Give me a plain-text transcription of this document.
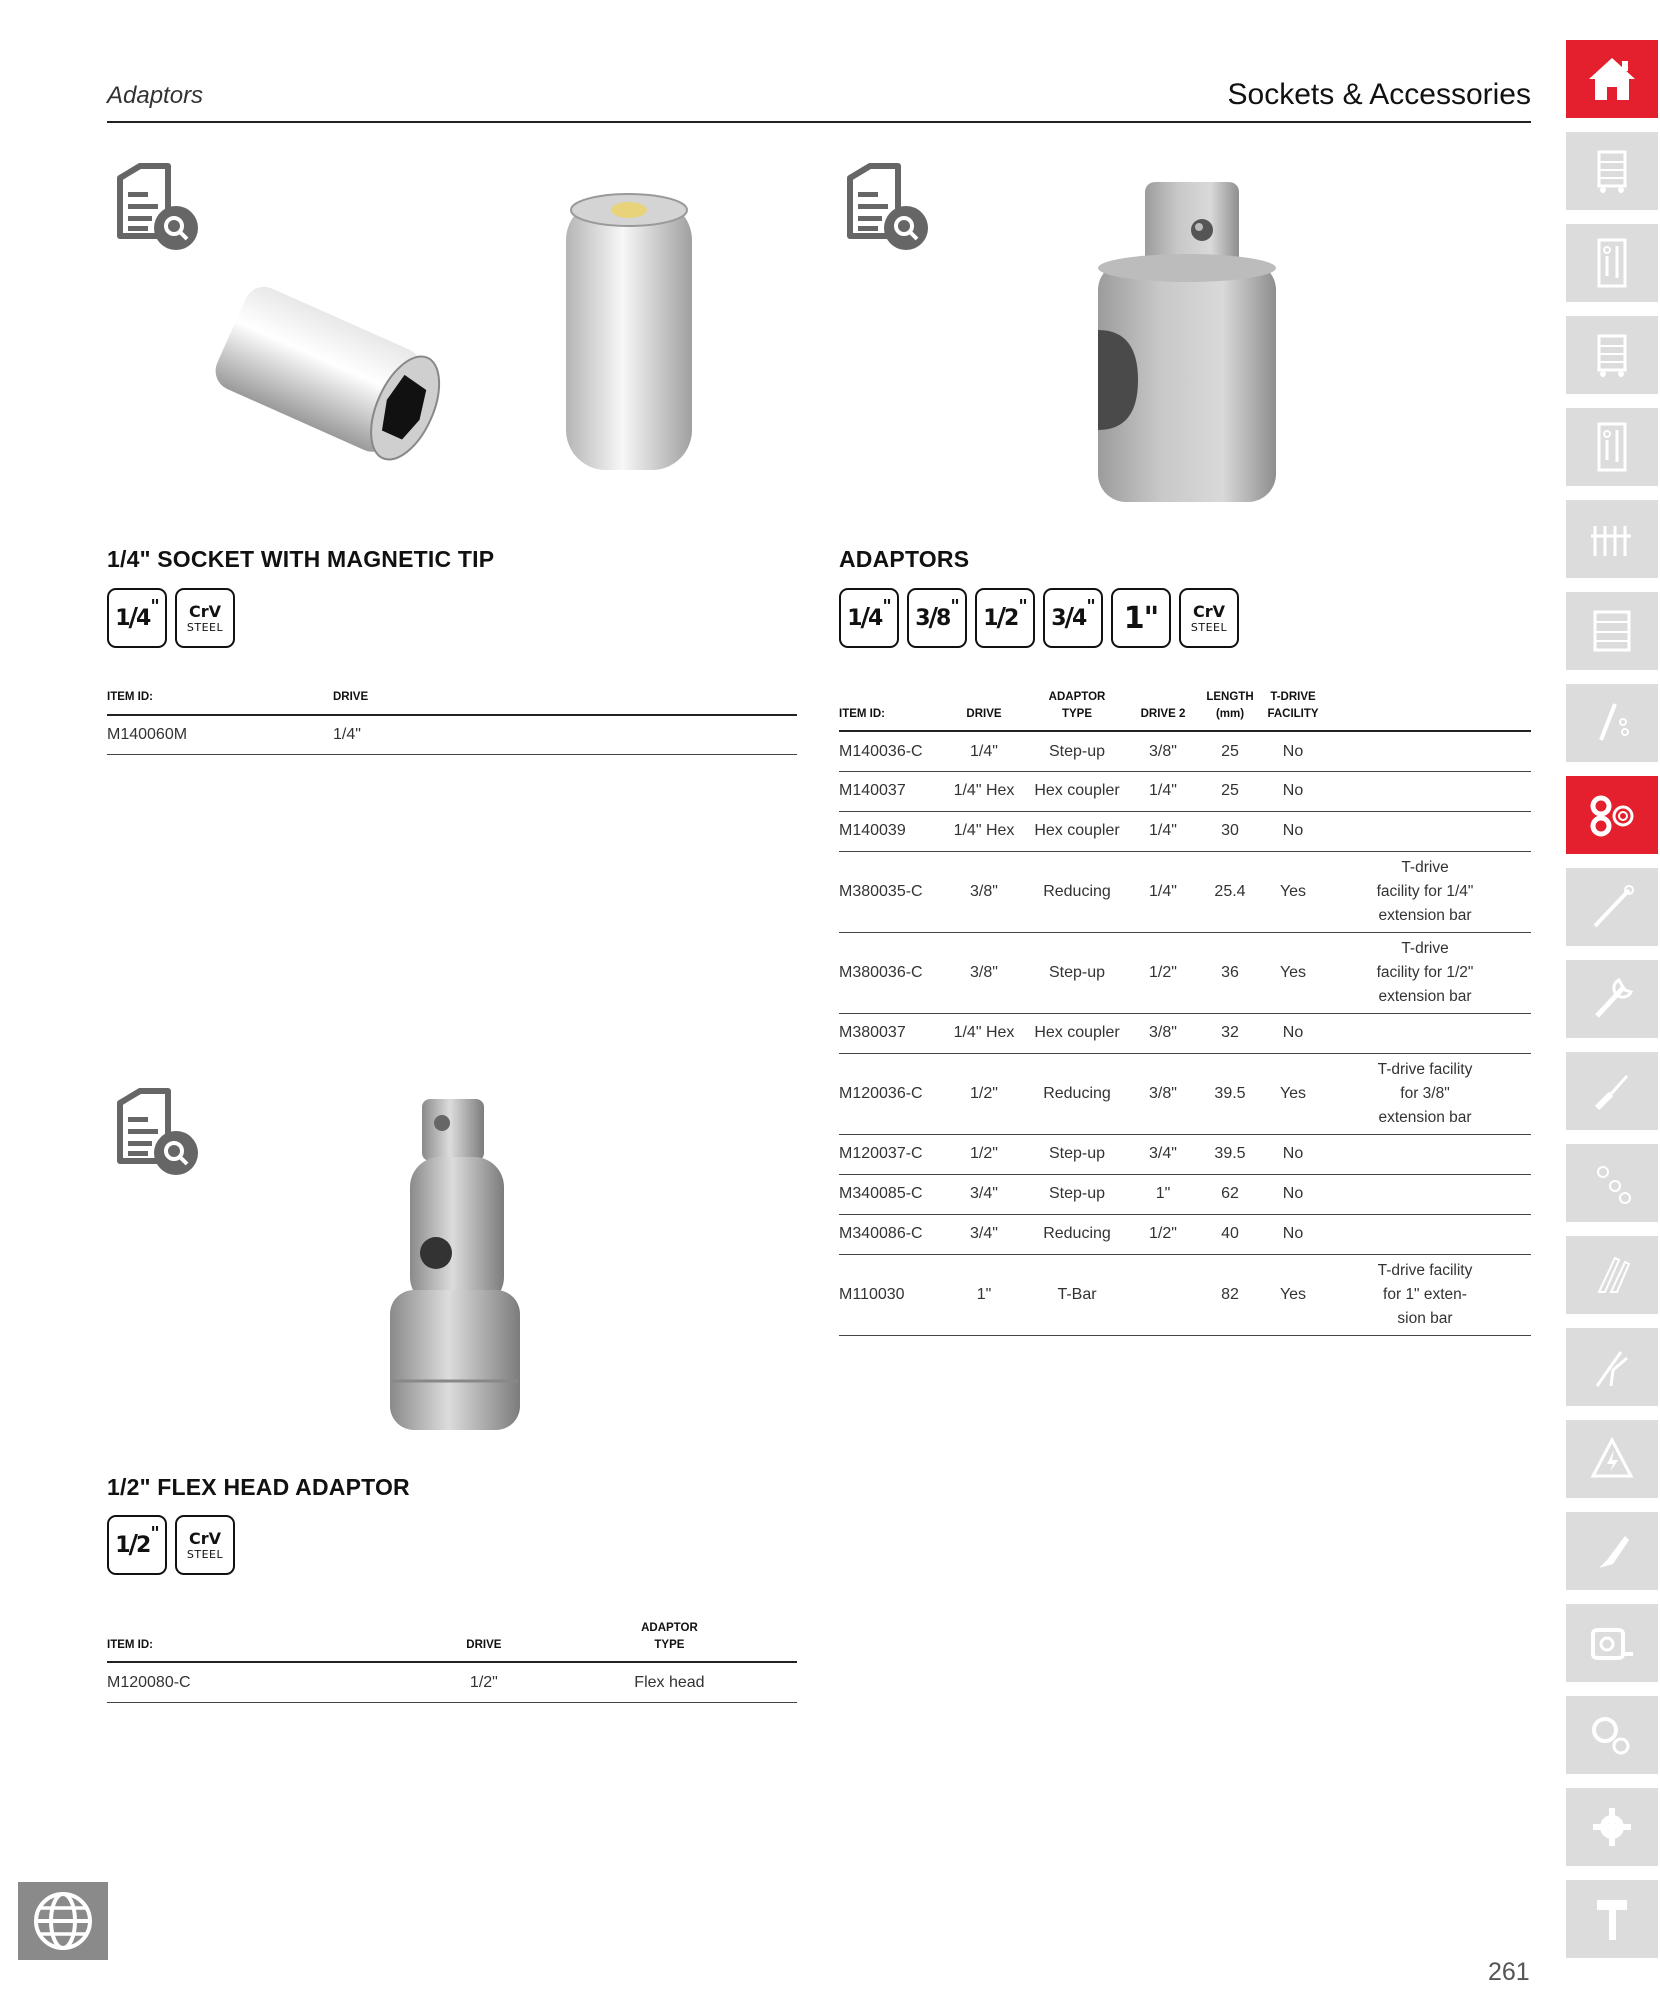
Adaptors	Sockets & Accessories
1/4" SOCKET WITH MAGNETIC TIP
1 / 4 " CrV
STEEL
ITEM ID:	DRIVE
M140060M	1/4"
ADAPTORS
1 / 4 " 3 / 8 " 1 / 2 " 3 / 4 " 1"	CrV
STEEL
ITEM ID:	DRIVE	ADAPTOR
TYPE	DRIVE 2	LENGTH
(mm)	T-DRIVE
FACILITY	
M140036-C	1/4"	Step-up	3/8"	25	No	
M140037	1/4" Hex	Hex coupler	1/4"	25	No	
M140039	1/4" Hex	Hex coupler	1/4"	30	No	
M380035-C	3/8"	Reducing	1/4"	25.4	Yes	T-drive
facility for 1/4"
extension bar
M380036-C	3/8"	Step-up	1/2"	36	Yes	T-drive
facility for 1/2"
extension bar
M380037	1/4" Hex	Hex coupler	3/8"	32	No	
M120036-C	1/2"	Reducing	3/8"	39.5	Yes	T-drive facility
for 3/8"
extension bar
M120037-C	1/2"	Step-up	3/4"	39.5	No	
M340085-C	3/4"	Step-up	1"	62	No	
M340086-C	3/4"	Reducing	1/2"	40	No	
M110030	1"	T-Bar		82	Yes	T-drive facility
for 1" exten-
sion bar
1/2" FLEX HEAD ADAPTOR
1 / 2 " CrV
STEEL
ITEM ID:	DRIVE	ADAPTOR
TYPE
M120080-C	1/2"	Flex head
261
